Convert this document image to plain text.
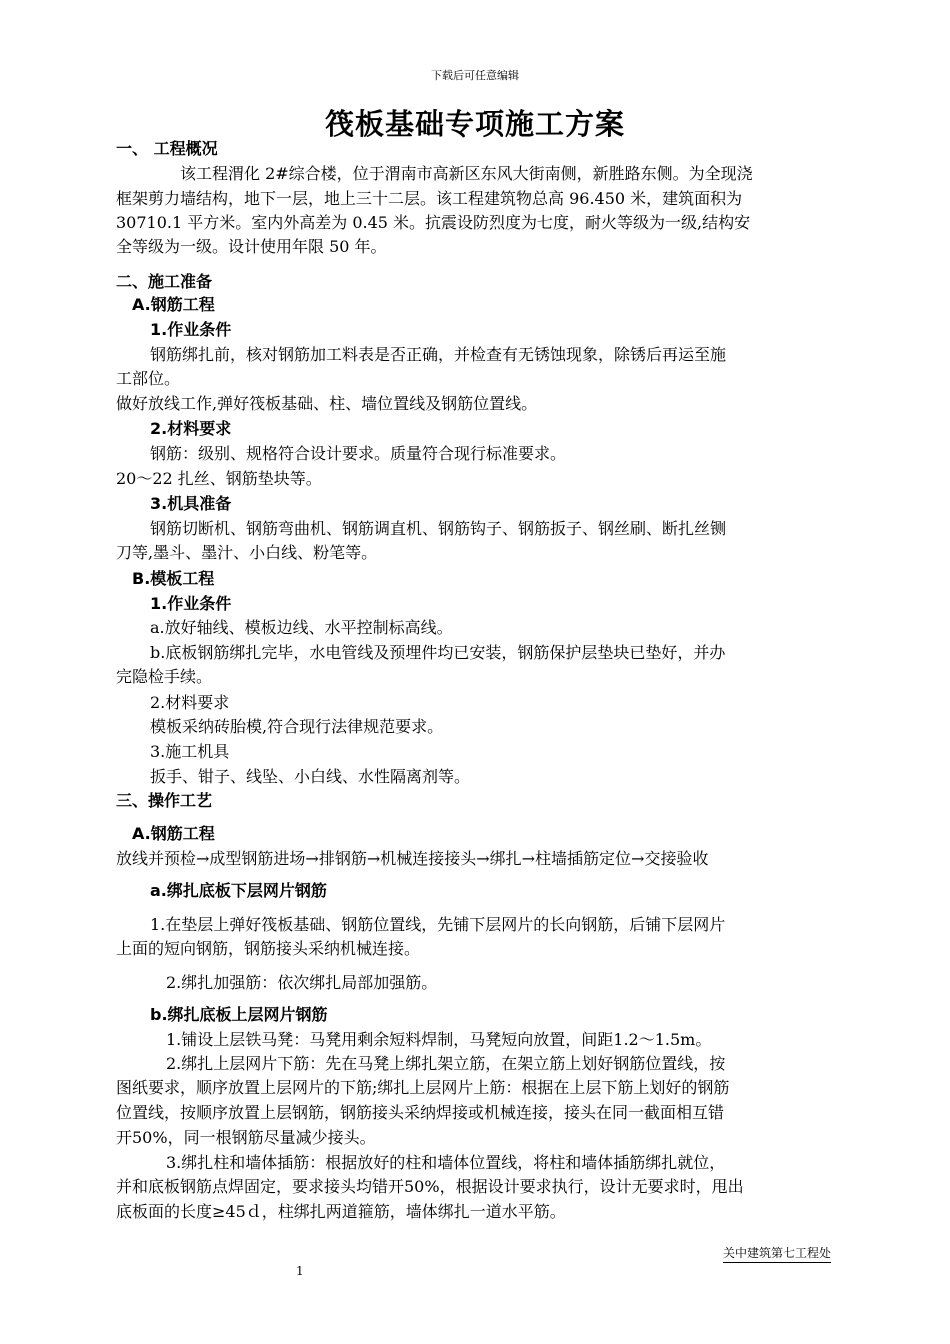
下载后可任意编辑
筏板基础专项施工方案
一、 工程概况
该工程渭化 2#综合楼，位于渭南市高新区东风大街南侧，新胜路东侧。为全现浇
框架剪力墙结构，地下一层，地上三十二层。该工程建筑物总高 96.450 米，建筑面积为
30710.1 平方米。室内外高差为 0.45 米。抗震设防烈度为七度，耐火等级为一级,结构安
全等级为一级。设计使用年限 50 年。
二、施工准备
A.钢筋工程
1.作业条件
钢筋绑扎前，核对钢筋加工料表是否正确，并检查有无锈蚀现象，除锈后再运至施
工部位。
做好放线工作,弹好筏板基础、柱、墙位置线及钢筋位置线。
2.材料要求
钢筋：级别、规格符合设计要求。质量符合现行标准要求。
20～22 扎丝、钢筋垫块等。
3.机具准备
钢筋切断机、钢筋弯曲机、钢筋调直机、钢筋钩子、钢筋扳子、钢丝刷、断扎丝铡
刀等,墨斗、墨汁、小白线、粉笔等。
B.模板工程
1.作业条件
a.放好轴线、模板边线、水平控制标高线。
b.底板钢筋绑扎完毕，水电管线及预埋件均已安装，钢筋保护层垫块已垫好，并办
完隐检手续。
2.材料要求
模板采纳砖胎模,符合现行法律规范要求。
3.施工机具
扳手、钳子、线坠、小白线、水性隔离剂等。
三、操作工艺
A.钢筋工程
放线并预检→成型钢筋进场→排钢筋→机械连接接头→绑扎→柱墙插筋定位→交接验收
a.绑扎底板下层网片钢筋
1.在垫层上弹好筏板基础、钢筋位置线，先铺下层网片的长向钢筋，后铺下层网片
上面的短向钢筋，钢筋接头采纳机械连接。
2.绑扎加强筋：依次绑扎局部加强筋。
b.绑扎底板上层网片钢筋
1.铺设上层铁马凳：马凳用剩余短料焊制，马凳短向放置，间距1.2～1.5m。
2.绑扎上层网片下筋：先在马凳上绑扎架立筋，在架立筋上划好钢筋位置线，按
图纸要求，顺序放置上层网片的下筋;绑扎上层网片上筋：根据在上层下筋上划好的钢筋
位置线，按顺序放置上层钢筋，钢筋接头采纳焊接或机械连接，接头在同一截面相互错
开50%，同一根钢筋尽量减少接头。
3.绑扎柱和墙体插筋：根据放好的柱和墙体位置线，将柱和墙体插筋绑扎就位，
并和底板钢筋点焊固定，要求接头均错开50%，根据设计要求执行，设计无要求时，甩出
底板面的长度≥45ｄ，柱绑扎两道箍筋，墙体绑扎一道水平筋。
关中建筑第七工程处
1
